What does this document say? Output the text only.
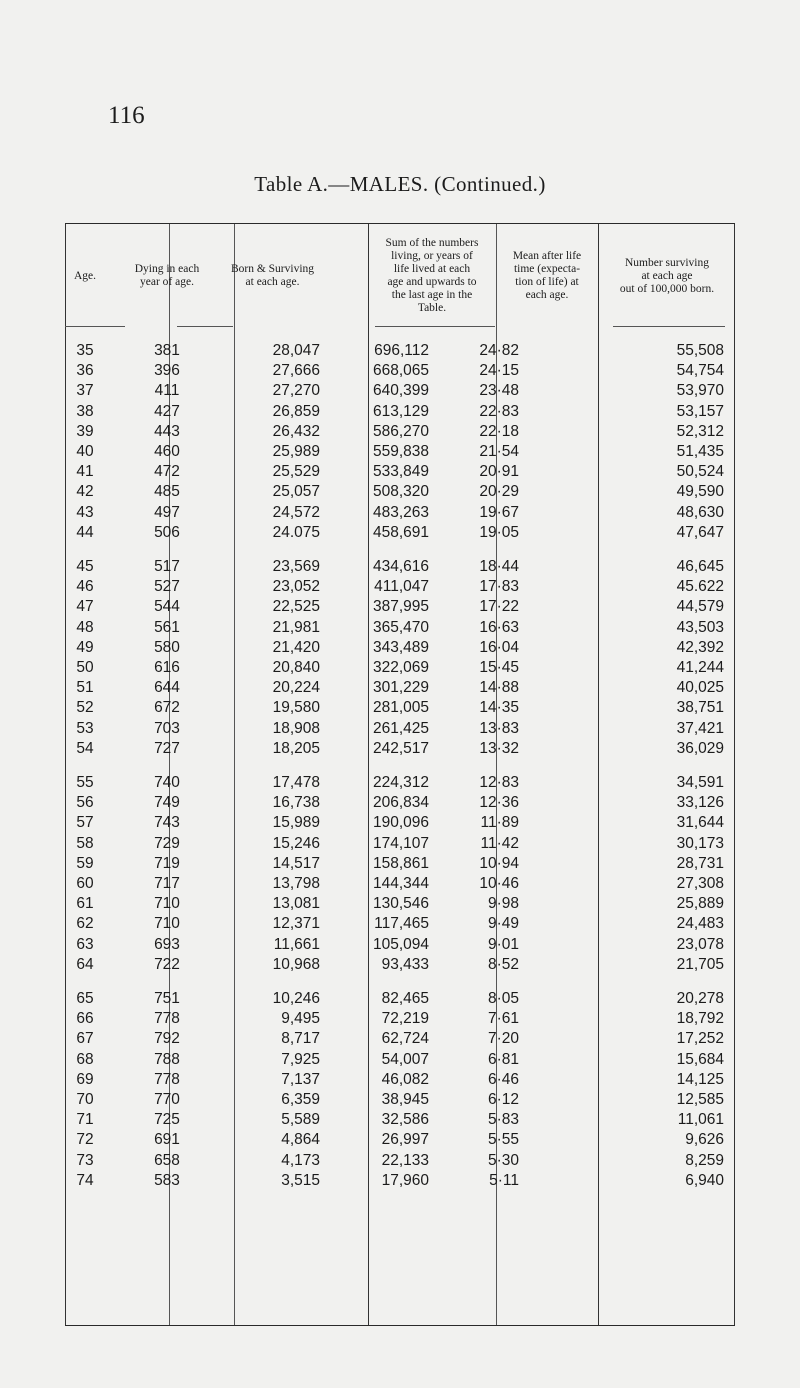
116
Table A.—MALES. (Continued.)
Age.
Dying in each
year of age.
Born & Surviving
at each age.
Sum of the numbers
living, or years of
life lived at each
age and upwards to
the last age in the
Table.
Mean after life
time (expecta-
tion of life) at
each age.
Number surviving
at each age
out of 100,000 born.
35	381	28,047	696,112	24·82	55,508
36	396	27,666	668,065	24·15	54,754
37	411	27,270	640,399	23·48	53,970
38	427	26,859	613,129	22·83	53,157
39	443	26,432	586,270	22·18	52,312
40	460	25,989	559,838	21·54	51,435
41	472	25,529	533,849	20·91	50,524
42	485	25,057	508,320	20·29	49,590
43	497	24,572	483,263	19·67	48,630
44	506	24.075	458,691	19·05	47,647
45	517	23,569	434,616	18·44	46,645
46	527	23,052	411,047	17·83	45.622
47	544	22,525	387,995	17·22	44,579
48	561	21,981	365,470	16·63	43,503
49	580	21,420	343,489	16·04	42,392
50	616	20,840	322,069	15·45	41,244
51	644	20,224	301,229	14·88	40,025
52	672	19,580	281,005	14·35	38,751
53	703	18,908	261,425	13·83	37,421
54	727	18,205	242,517	13·32	36,029
55	740	17,478	224,312	12·83	34,591
56	749	16,738	206,834	12·36	33,126
57	743	15,989	190,096	11·89	31,644
58	729	15,246	174,107	11·42	30,173
59	719	14,517	158,861	10·94	28,731
60	717	13,798	144,344	10·46	27,308
61	710	13,081	130,546	9·98	25,889
62	710	12,371	117,465	9·49	24,483
63	693	11,661	105,094	9·01	23,078
64	722	10,968	93,433	8·52	21,705
65	751	10,246	82,465	8·05	20,278
66	778	9,495	72,219	7·61	18,792
67	792	8,717	62,724	7·20	17,252
68	788	7,925	54,007	6·81	15,684
69	778	7,137	46,082	6·46	14,125
70	770	6,359	38,945	6·12	12,585
71	725	5,589	32,586	5·83	11,061
72	691	4,864	26,997	5·55	9,626
73	658	4,173	22,133	5·30	8,259
74	583	3,515	17,960	5·11	6,940
